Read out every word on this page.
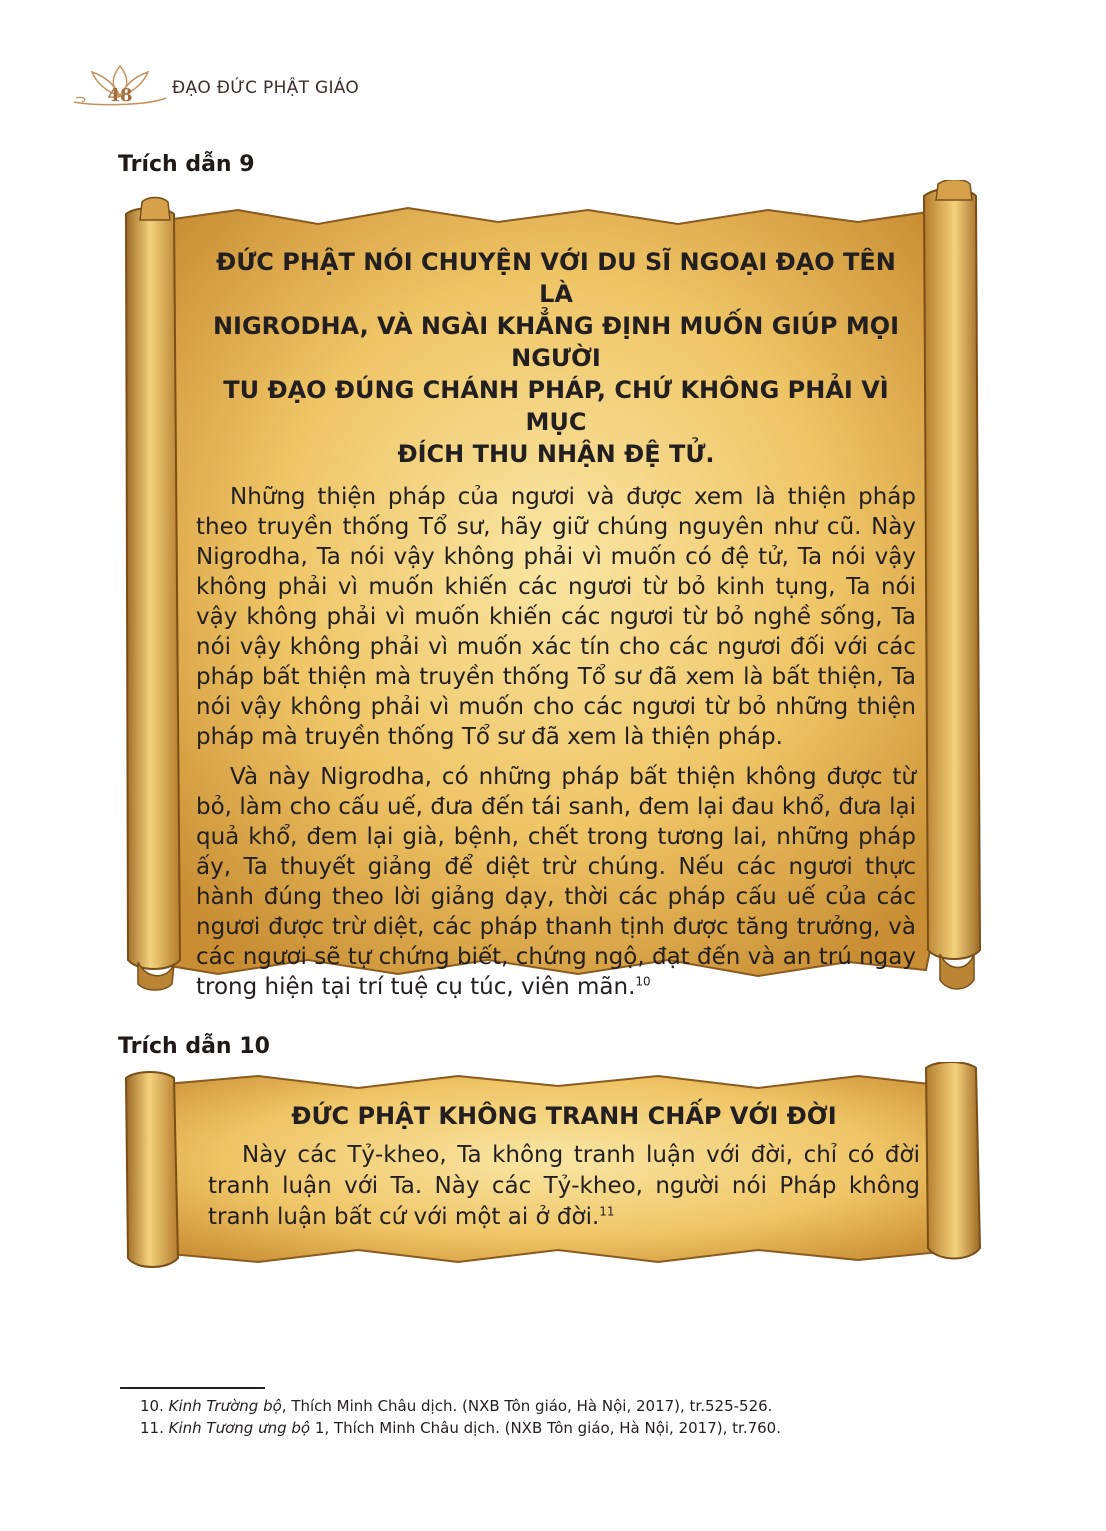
48	ĐẠO ĐỨC PHẬT GIÁO
Trích dẫn 9
ĐỨC PHẬT NÓI CHUYỆN VỚI DU SĨ NGOẠI ĐẠO TÊN LÀ
NIGRODHA, VÀ NGÀI KHẲNG ĐỊNH MUỐN GIÚP MỌI NGƯỜI
TU ĐẠO ĐÚNG CHÁNH PHÁP, CHỨ KHÔNG PHẢI VÌ MỤC
ĐÍCH THU NHẬN ĐỆ TỬ.

Những thiện pháp của ngươi và được xem là thiện pháp theo truyền thống Tổ sư, hãy giữ chúng nguyên như cũ. Này Nigrodha, Ta nói vậy không phải vì muốn có đệ tử, Ta nói vậy không phải vì muốn khiến các ngươi từ bỏ kinh tụng, Ta nói vậy không phải vì muốn khiến các ngươi từ bỏ nghề sống, Ta nói vậy không phải vì muốn xác tín cho các ngươi đối với các pháp bất thiện mà truyền thống Tổ sư đã xem là bất thiện, Ta nói vậy không phải vì muốn cho các ngươi từ bỏ những thiện pháp mà truyền thống Tổ sư đã xem là thiện pháp.

Và này Nigrodha, có những pháp bất thiện không được từ bỏ, làm cho cấu uế, đưa đến tái sanh, đem lại đau khổ, đưa lại quả khổ, đem lại già, bệnh, chết trong tương lai, những pháp ấy, Ta thuyết giảng để diệt trừ chúng. Nếu các ngươi thực hành đúng theo lời giảng dạy, thời các pháp cấu uế của các ngươi được trừ diệt, các pháp thanh tịnh được tăng trưởng, và các ngươi sẽ tự chứng biết, chứng ngộ, đạt đến và an trú ngay trong hiện tại trí tuệ cụ túc, viên mãn.$^{10}$

Trích dẫn 10
ĐỨC PHẬT KHÔNG TRANH CHẤP VỚI ĐỜI

Này các Tỷ-kheo, Ta không tranh luận với đời, chỉ có đời tranh luận với Ta. Này các Tỷ-kheo, người nói Pháp không tranh luận bất cứ với một ai ở đời.$^{11}$

10. Kinh Trường bộ, Thích Minh Châu dịch. (NXB Tôn giáo, Hà Nội, 2017), tr.525-526.

11. Kinh Tương ưng bộ 1, Thích Minh Châu dịch. (NXB Tôn giáo, Hà Nội, 2017), tr.760.
